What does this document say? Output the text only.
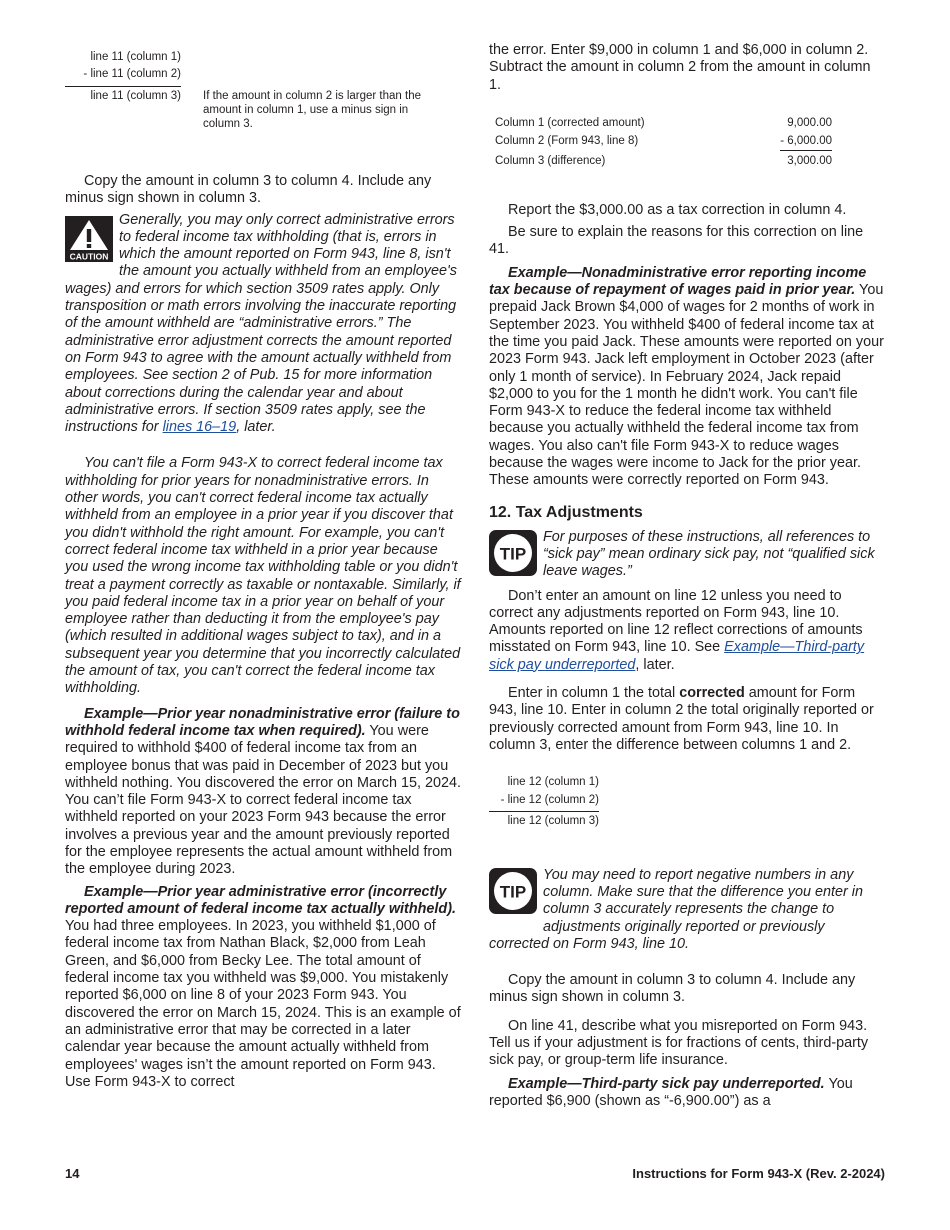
line 11 (column 1)
- line 11 (column 2)
line 11 (column 3) If the amount in column 2 is larger than the amount in column 1, use a minus sign in column 3.

Copy the amount in column 3 to column 4. Include any minus sign shown in column 3.

CAUTION

Generally, you may only correct administrative errors to federal income tax withholding (that is, errors in which the amount reported on Form 943, line 8, isn't the amount you actually withheld from an employee's wages) and errors for which section 3509 rates apply. Only transposition or math errors involving the inaccurate reporting of the amount withheld are “administrative errors.” The administrative error adjustment corrects the amount reported on Form 943 to agree with the amount actually withheld from employees. See section 2 of Pub. 15 for more information about corrections during the calendar year and about administrative errors. If section 3509 rates apply, see the instructions for lines 16–19, later.

You can't file a Form 943-X to correct federal income tax withholding for prior years for nonadministrative errors. In other words, you can't correct federal income tax actually withheld from an employee in a prior year if you discover that you didn't withhold the right amount. For example, you can't correct federal income tax withheld in a prior year because you used the wrong income tax withholding table or you didn't treat a payment correctly as taxable or nontaxable. Similarly, if you paid federal income tax in a prior year on behalf of your employee rather than deducting it from the employee's pay (which resulted in additional wages subject to tax), and in a subsequent year you determine that you incorrectly calculated the amount of tax, you can't correct the federal income tax withholding.

Example—Prior year nonadministrative error (failure to withhold federal income tax when required). You were required to withhold $400 of federal income tax from an employee bonus that was paid in December of 2023 but you withheld nothing. You discovered the error on March 15, 2024. You can’t file Form 943-X to correct federal income tax withheld reported on your 2023 Form 943 because the error involves a previous year and the amount previously reported for the employee represents the actual amount withheld from the employee during 2023.

Example—Prior year administrative error (incorrectly reported amount of federal income tax actually withheld). You had three employees. In 2023, you withheld $1,000 of federal income tax from Nathan Black, $2,000 from Leah Green, and $6,000 from Becky Lee. The total amount of federal income tax you withheld was $9,000. You mistakenly reported $6,000 on line 8 of your 2023 Form 943. You discovered the error on March 15, 2024. This is an example of an administrative error that may be corrected in a later calendar year because the amount actually withheld from employees' wages isn’t the amount reported on Form 943. Use Form 943-X to correct

the error. Enter $9,000 in column 1 and $6,000 in column 2. Subtract the amount in column 2 from the amount in column 1.

Column 1 (corrected amount)	9,000.00
Column 2 (Form 943, line 8)	- 6,000.00
Column 3 (difference)	3,000.00

Report the $3,000.00 as a tax correction in column 4.

Be sure to explain the reasons for this correction on line 41.

Example—Nonadministrative error reporting income tax because of repayment of wages paid in prior year. You prepaid Jack Brown $4,000 of wages for 2 months of work in September 2023. You withheld $400 of federal income tax at the time you paid Jack. These amounts were reported on your 2023 Form 943. Jack left employment in October 2023 (after only 1 month of service). In February 2024, Jack repaid $2,000 to you for the 1 month he didn't work. You can't file Form 943-X to reduce the federal income tax withheld because you actually withheld the federal income tax from wages. You also can't file Form 943-X to reduce wages because the wages were income to Jack for the prior year. These amounts were correctly reported on Form 943.

12. Tax Adjustments
TIP

For purposes of these instructions, all references to “sick pay” mean ordinary sick pay, not “qualified sick leave wages.”

Don’t enter an amount on line 12 unless you need to correct any adjustments reported on Form 943, line 10. Amounts reported on line 12 reflect corrections of amounts misstated on Form 943, line 10. See Example—Third-party sick pay underreported, later.

Enter in column 1 the total corrected amount for Form 943, line 10. Enter in column 2 the total originally reported or previously corrected amount from Form 943, line 10. In column 3, enter the difference between columns 1 and 2.

line 12 (column 1)
- line 12 (column 2)
line 12 (column 3)
TIP

You may need to report negative numbers in any column. Make sure that the difference you enter in column 3 accurately represents the change to adjustments originally reported or previously corrected on Form 943, line 10.

Copy the amount in column 3 to column 4. Include any minus sign shown in column 3.

On line 41, describe what you misreported on Form 943. Tell us if your adjustment is for fractions of cents, third-party sick pay, or group-term life insurance.

Example—Third-party sick pay underreported. You reported $6,900 (shown as “-6,900.00”) as a

14	Instructions for Form 943-X (Rev. 2-2024)
